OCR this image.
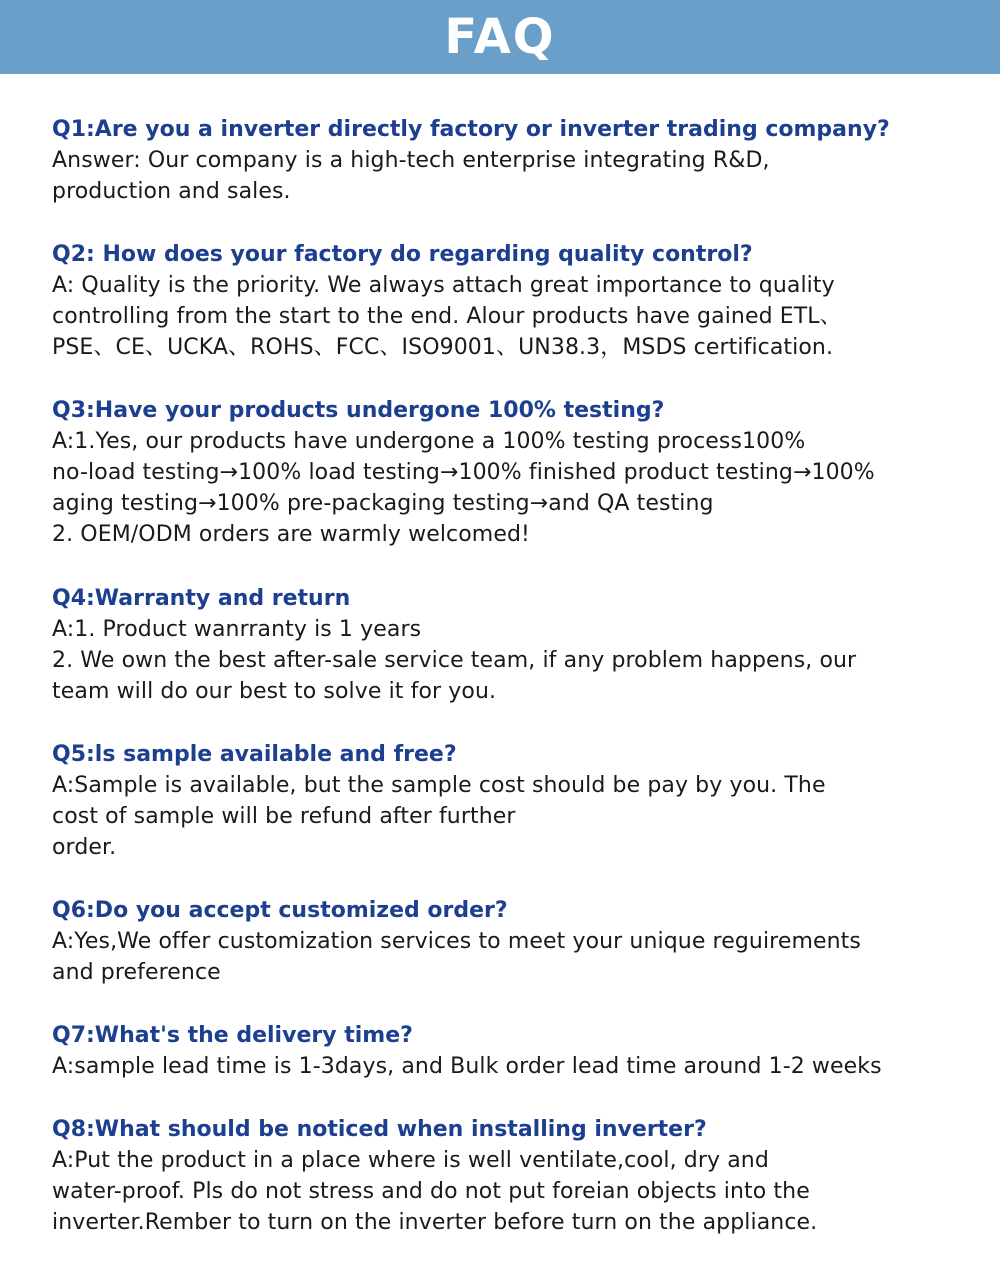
FAQ
Q1:Are you a inverter directly factory or inverter trading company?
Answer: Our company is a high-tech enterprise integrating R&D,
production and sales.
Q2: How does your factory do regarding quality control?
A: Quality is the priority. We always attach great importance to quality
controlling from the start to the end. Alour products have gained ETL、
PSE、CE、UCKA、ROHS、FCC、ISO9001、UN38.3，MSDS certification.
Q3:Have your products undergone 100% testing?
A:1.Yes, our products have undergone a 100% testing process100%
no-load testing→100% load testing→100% finished product testing→100%
aging testing→100% pre-packaging testing→and QA testing
2. OEM/ODM orders are warmly welcomed!
Q4:Warranty and return
A:1. Product wanrranty is 1 years
2. We own the best after-sale service team, if any problem happens, our
team will do our best to solve it for you.
Q5:ls sample available and free?
A:Sample is available, but the sample cost should be pay by you. The
cost of sample will be refund after further
order.
Q6:Do you accept customized order?
A:Yes,We offer customization services to meet your unique reguirements
and preference
Q7:What's the delivery time?
A:sample lead time is 1-3days, and Bulk order lead time around 1-2 weeks
Q8:What should be noticed when installing inverter?
A:Put the product in a place where is well ventilate,cool, dry and
water-proof. Pls do not stress and do not put foreian objects into the
inverter.Rember to turn on the inverter before turn on the appliance.
